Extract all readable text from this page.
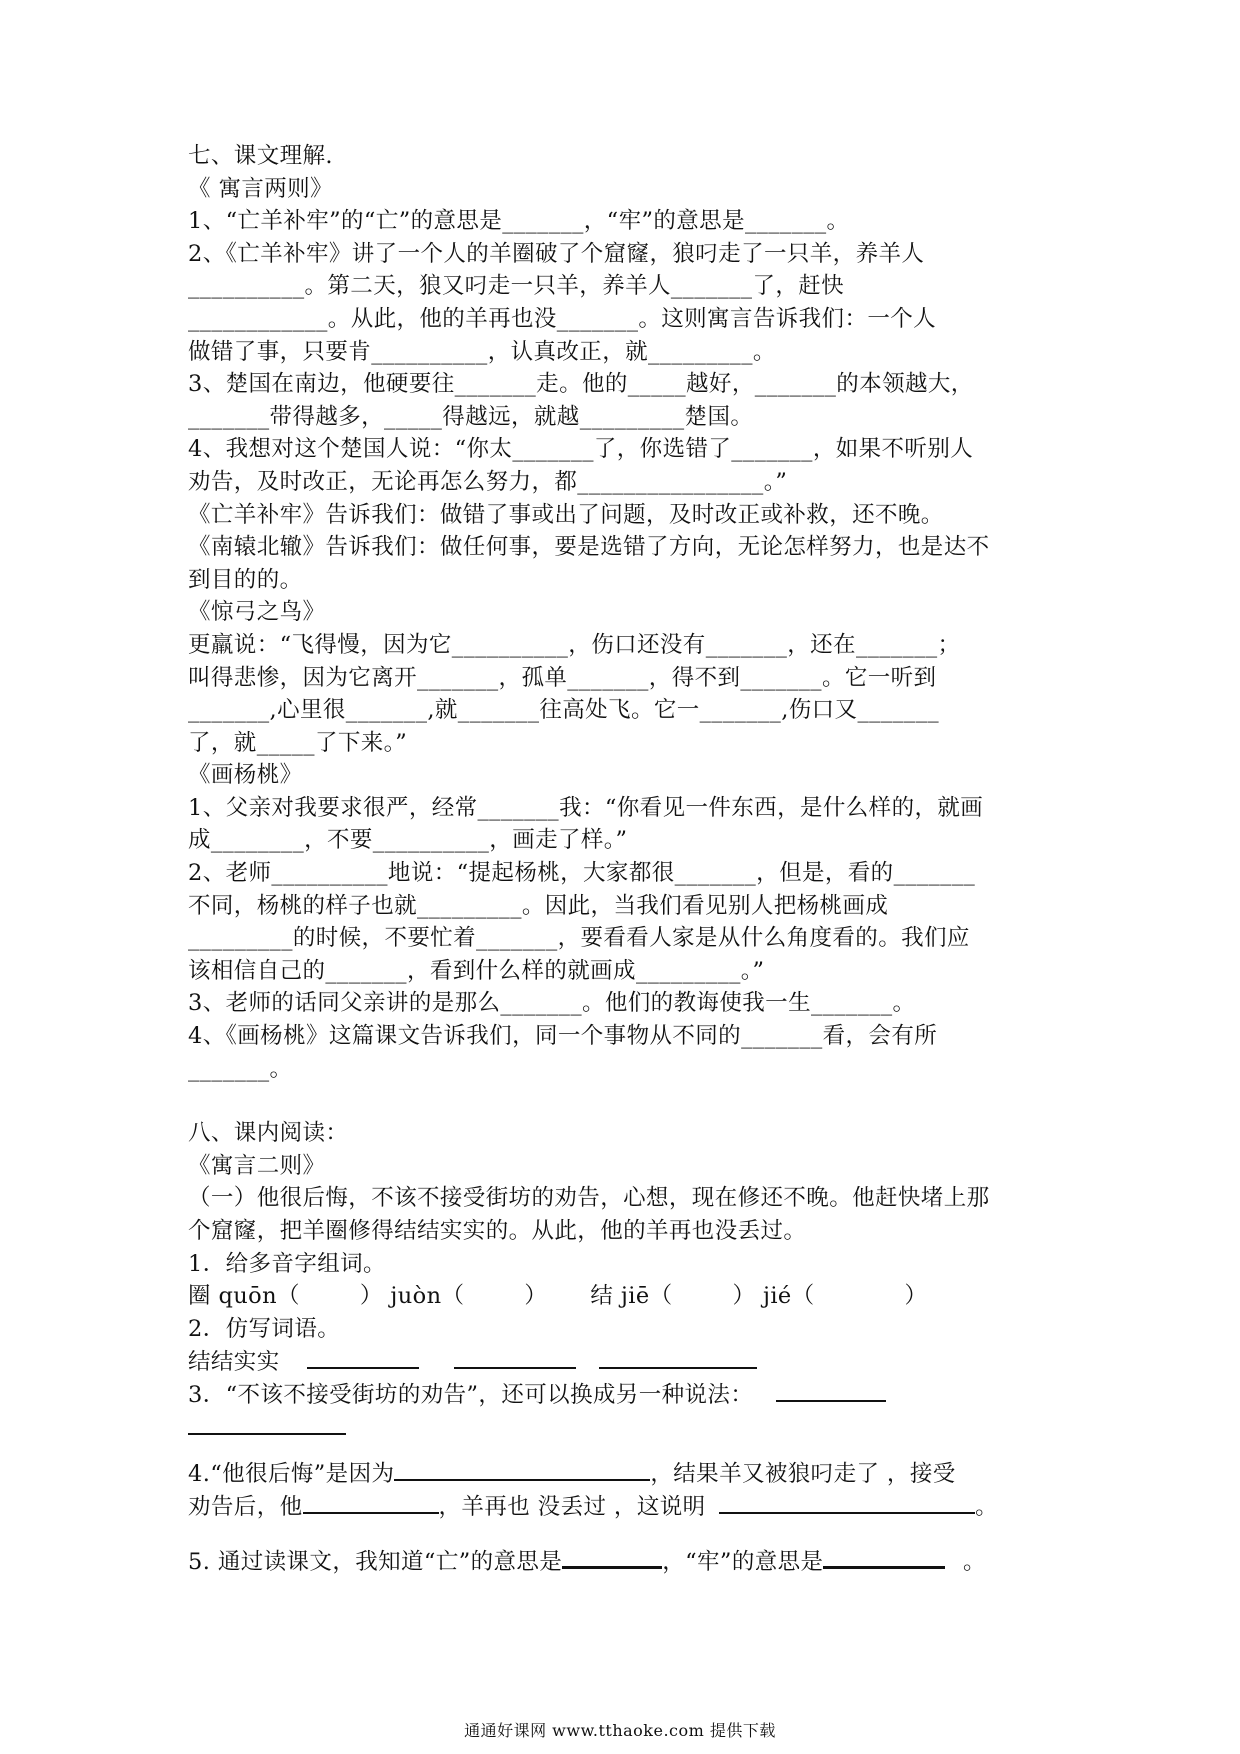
七、课文理解.
《 寓言两则》
1、“亡羊补牢”的“亡”的意思是_______，“牢”的意思是_______。
2、《亡羊补牢》讲了一个人的羊圈破了个窟窿，狼叼走了一只羊，养羊人
__________。第二天，狼又叼走一只羊，养羊人_______了，赶快
____________。从此，他的羊再也没_______。这则寓言告诉我们：一个人
做错了事，只要肯__________，认真改正，就_________。
3、楚国在南边，他硬要往_______走。他的_____越好，_______的本领越大，
_______带得越多，_____得越远，就越_________楚国。
4、我想对这个楚国人说：“你太_______了，你选错了_______，如果不听别人
劝告，及时改正，无论再怎么努力，都________________。”
《亡羊补牢》告诉我们：做错了事或出了问题，及时改正或补救，还不晚。
《南辕北辙》告诉我们：做任何事，要是选错了方向，无论怎样努力，也是达不
到目的的。
《惊弓之鸟》
更羸说：“飞得慢，因为它__________，伤口还没有_______，还在_______；
叫得悲惨，因为它离开_______，孤单_______，得不到_______。它一听到
_______,心里很_______,就_______往高处飞。它一_______,伤口又_______
了，就_____了下来。”
《画杨桃》
1、父亲对我要求很严，经常_______我：“你看见一件东西，是什么样的，就画
成________，不要__________，画走了样。”
2、老师__________地说：“提起杨桃，大家都很_______，但是，看的_______
不同，杨桃的样子也就_________。因此，当我们看见别人把杨桃画成
_________的时候，不要忙着_______，要看看人家是从什么角度看的。我们应
该相信自己的_______，看到什么样的就画成_________。”
3、老师的话同父亲讲的是那么_______。他们的教诲使我一生_______。
4、《画杨桃》这篇课文告诉我们，同一个事物从不同的_______看，会有所
_______。
八、课内阅读：
《寓言二则》
（一）他很后悔，不该不接受街坊的劝告，心想，现在修还不晚。他赶快堵上那
个窟窿，把羊圈修得结结实实的。从此，他的羊再也没丢过。
1．给多音字组词。
圈 quōn（	） juòn（	） 结 jiē（	） jié（	）
2．仿写词语。
结结实实
3．“不该不接受街坊的劝告”，还可以换成另一种说法：
4.“他很后悔”是因为	，结果羊又被狼叼走了 ，接受
劝告后，他	，羊再也 没丢过 ，这说明	。
5. 通过读课文，我知道“亡”的意思是	，“牢”的意思是	。
通通好课网 www.tthaoke.com 提供下载
